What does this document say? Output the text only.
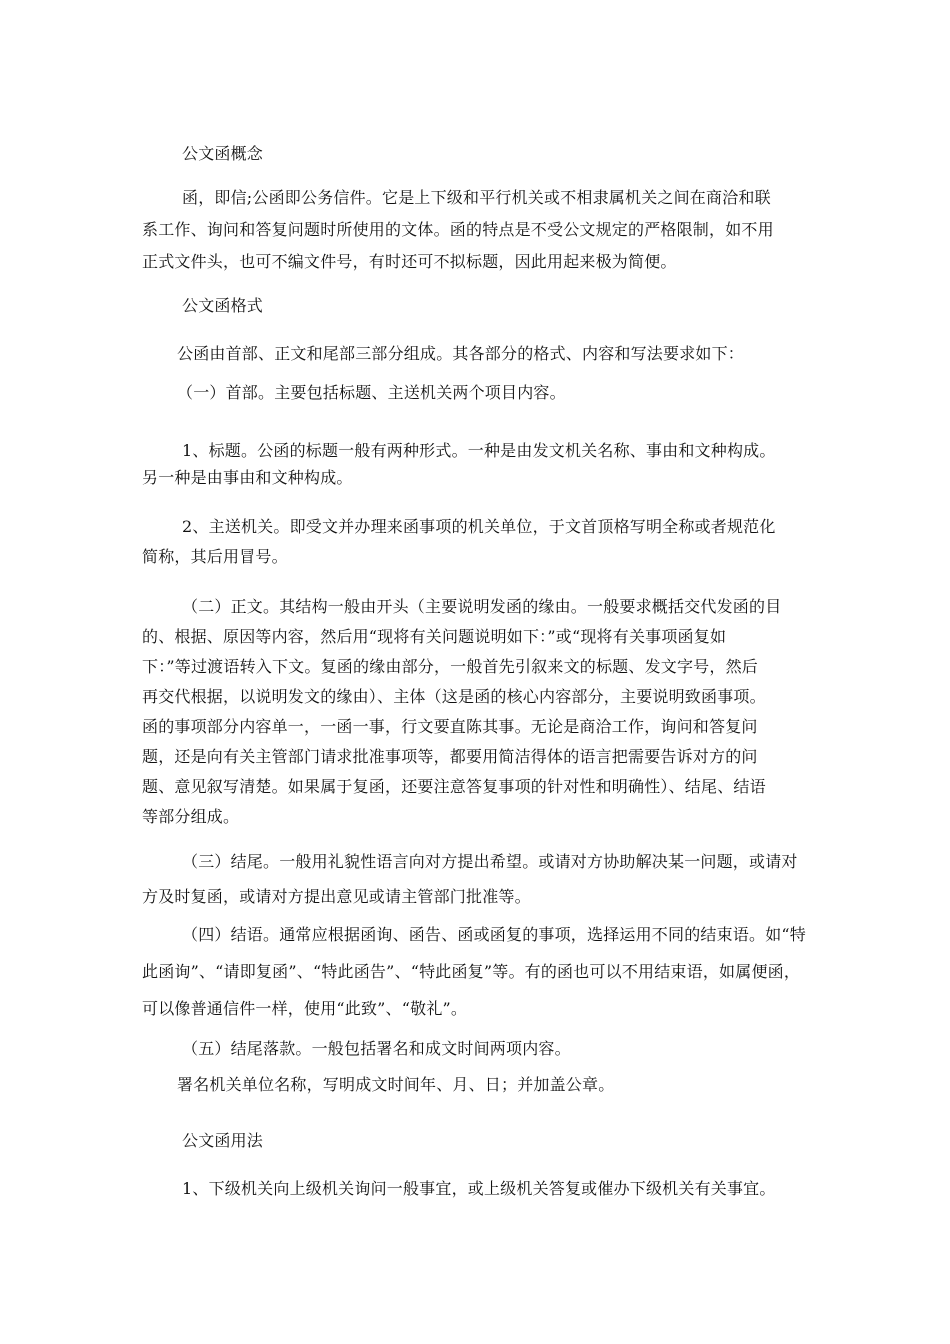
公文函概念
函，即信;公函即公务信件。它是上下级和平行机关或不相隶属机关之间在商洽和联
系工作、询问和答复问题时所使用的文体。函的特点是不受公文规定的严格限制，如不用
正式文件头，也可不编文件号，有时还可不拟标题，因此用起来极为简便。
公文函格式
公函由首部、正文和尾部三部分组成。其各部分的格式、内容和写法要求如下：
（一）首部。主要包括标题、主送机关两个项目内容。
1、标题。公函的标题一般有两种形式。一种是由发文机关名称、事由和文种构成。
另一种是由事由和文种构成。
2、主送机关。即受文并办理来函事项的机关单位，于文首顶格写明全称或者规范化
简称，其后用冒号。
（二）正文。其结构一般由开头（主要说明发函的缘由。一般要求概括交代发函的目
的、根据、原因等内容，然后用“现将有关问题说明如下：”或“现将有关事项函复如
下：”等过渡语转入下文。复函的缘由部分，一般首先引叙来文的标题、发文字号，然后
再交代根据，以说明发文的缘由）、主体（这是函的核心内容部分，主要说明致函事项。
函的事项部分内容单一，一函一事，行文要直陈其事。无论是商洽工作，询问和答复问
题，还是向有关主管部门请求批准事项等，都要用简洁得体的语言把需要告诉对方的问
题、意见叙写清楚。如果属于复函，还要注意答复事项的针对性和明确性）、结尾、结语
等部分组成。
（三）结尾。一般用礼貌性语言向对方提出希望。或请对方协助解决某一问题，或请对
方及时复函，或请对方提出意见或请主管部门批准等。
（四）结语。通常应根据函询、函告、函或函复的事项，选择运用不同的结束语。如“特
此函询”、“请即复函”、“特此函告”、“特此函复”等。有的函也可以不用结束语，如属便函，
可以像普通信件一样，使用“此致”、“敬礼”。
（五）结尾落款。一般包括署名和成文时间两项内容。
署名机关单位名称，写明成文时间年、月、日；并加盖公章。
公文函用法
1、下级机关向上级机关询问一般事宜，或上级机关答复或催办下级机关有关事宜。
